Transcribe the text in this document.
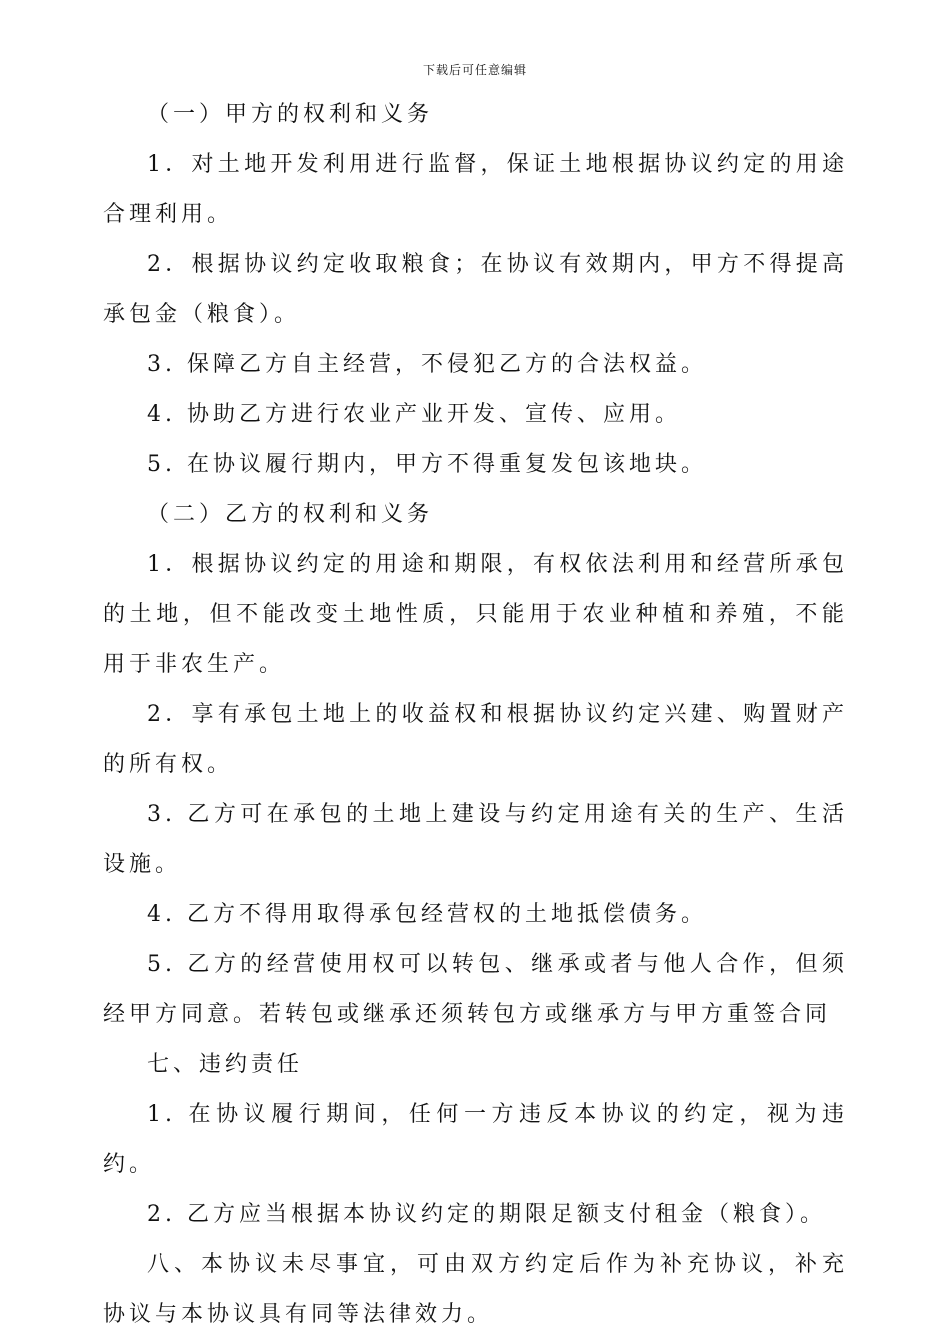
下载后可任意编辑

（一）甲方的权利和义务

1．对土地开发利用进行监督，保证土地根据协议约定的用途合理利用。

2．根据协议约定收取粮食；在协议有效期内，甲方不得提高承包金（粮食）。

3. 保障乙方自主经营，不侵犯乙方的合法权益。

4. 协助乙方进行农业产业开发、宣传、应用。

5. 在协议履行期内，甲方不得重复发包该地块。

（二）乙方的权利和义务

1．根据协议约定的用途和期限，有权依法利用和经营所承包的土地，但不能改变土地性质，只能用于农业种植和养殖，不能用于非农生产。

2．享有承包土地上的收益权和根据协议约定兴建、购置财产的所有权。

3. 乙方可在承包的土地上建设与约定用途有关的生产、生活设施。

4. 乙方不得用取得承包经营权的土地抵偿债务。

5. 乙方的经营使用权可以转包、继承或者与他人合作，但须经甲方同意。若转包或继承还须转包方或继承方与甲方重签合同

七、违约责任

1. 在协议履行期间，任何一方违反本协议的约定，视为违约。

2. 乙方应当根据本协议约定的期限足额支付租金（粮食）。

八、本协议未尽事宜，可由双方约定后作为补充协议，补充协议与本协议具有同等法律效力。
